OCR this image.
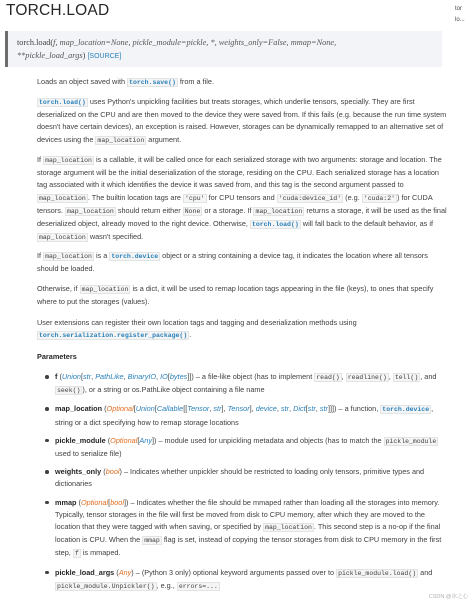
TORCH.LOAD	tor
lo...
torch.load(f, map_location=None, pickle_module=pickle, *, weights_only=False, mmap=None,
**pickle_load_args) [SOURCE]

Loads an object saved with torch.save() from a file.

torch.load() uses Python's unpickling facilities but treats storages, which underlie tensors, specially. They are first deserialized on the CPU and are then moved to the device they were saved from. If this fails (e.g. because the run time system doesn't have certain devices), an exception is raised. However, storages can be dynamically remapped to an alternative set of devices using the map_location argument.

If map_location is a callable, it will be called once for each serialized storage with two arguments: storage and location. The storage argument will be the initial deserialization of the storage, residing on the CPU. Each serialized storage has a location tag associated with it which identifies the device it was saved from, and this tag is the second argument passed to map_location . The builtin location tags are 'cpu' for CPU tensors and 'cuda:device_id' (e.g. 'cuda:2' ) for CUDA tensors. map_location should return either None or a storage. If map_location returns a storage, it will be used as the final deserialized object, already moved to the right device. Otherwise, torch.load() will fall back to the default behavior, as if map_location wasn't specified.

If map_location is a torch.device object or a string containing a device tag, it indicates the location where all tensors should be loaded.

Otherwise, if map_location is a dict, it will be used to remap location tags appearing in the file (keys), to ones that specify where to put the storages (values).

User extensions can register their own location tags and tagging and deserialization methods using torch.serialization.register_package() .

Parameters

f (Union[str, PathLike, BinaryIO, IO[bytes]]) – a file-like object (has to implement read() , readline() , tell() , and seek() ), or a string or os.PathLike object containing a file name
map_location (Optional[Union[Callable[[Tensor, str], Tensor], device, str, Dict[str, str]]]) – a function, torch.device , string or a dict specifying how to remap storage locations
pickle_module (Optional[Any]) – module used for unpickling metadata and objects (has to match the pickle_module used to serialize file)
weights_only (bool) – Indicates whether unpickler should be restricted to loading only tensors, primitive types and dictionaries
mmap (Optional[bool]) – Indicates whether the file should be mmaped rather than loading all the storages into memory. Typically, tensor storages in the file will first be moved from disk to CPU memory, after which they are moved to the location that they were tagged with when saving, or specified by map_location . This second step is a no-op if the final location is CPU. When the mmap flag is set, instead of copying the tensor storages from disk to CPU memory in the first step, f is mmaped.
pickle_load_args (Any) – (Python 3 only) optional keyword arguments passed over to pickle_module.load() and pickle_module.Unpickler() , e.g., errors=...
CSDN @冰之心
